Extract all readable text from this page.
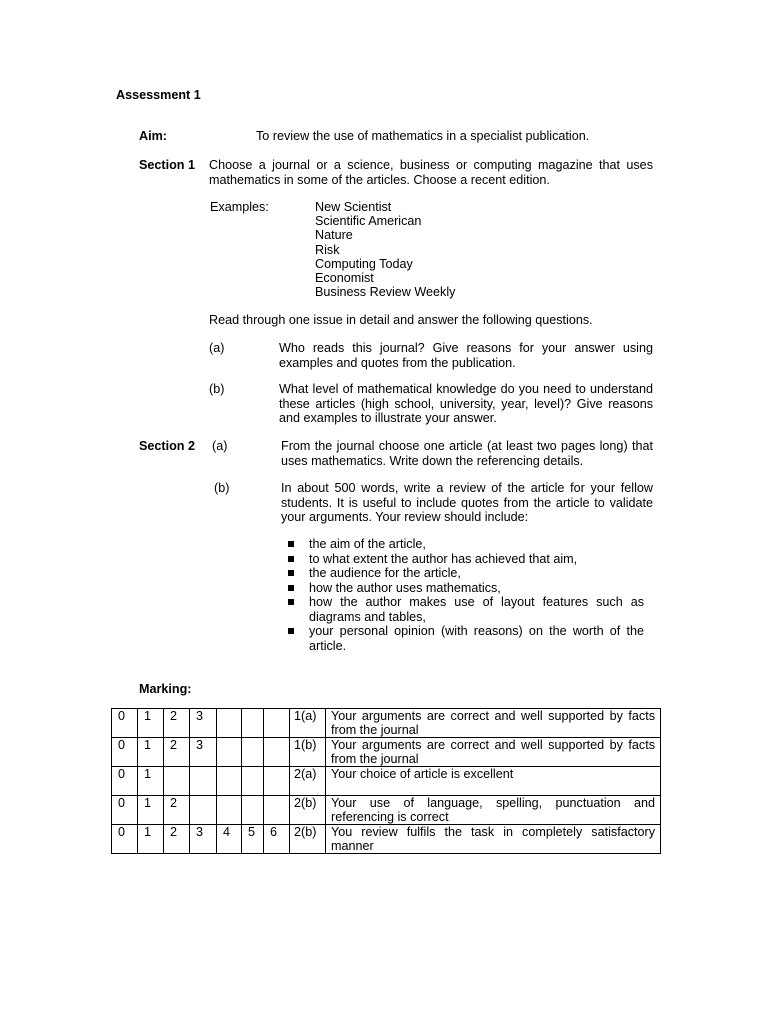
Assessment 1
Aim:	To review the use of mathematics in a specialist publication.
Section 1 Choose a journal or a science, business or computing magazine that uses mathematics in some of the articles. Choose a recent edition.
Examples:	New Scientist
Scientific American
Nature
Risk
Computing Today
Economist
Business Review Weekly
Read through one issue in detail and answer the following questions.
(a)	Who reads this journal? Give reasons for your answer using examples and quotes from the publication.
(b)	What level of mathematical knowledge do you need to understand these articles (high school, university, year, level)? Give reasons and examples to illustrate your answer.
Section 2 (a)	From the journal choose one article (at least two pages long) that uses mathematics. Write down the referencing details.
(b)	In about 500 words, write a review of the article for your fellow students. It is useful to include quotes from the article to validate your arguments. Your review should include:
the aim of the article,
to what extent the author has achieved that aim,
the audience for the article,
how the author uses mathematics,
how the author makes use of layout features such as diagrams and tables,
your personal opinion (with reasons) on the worth of the article.
Marking:
0	1	2	3				1(a)	Your arguments are correct and well supported by facts from the journal
0	1	2	3				1(b)	Your arguments are correct and well supported by facts from the journal
0	1						2(a)	Your choice of article is excellent
0	1	2					2(b)	Your use of language, spelling, punctuation and referencing is correct
0	1	2	3	4	5	6	2(b)	You review fulfils the task in completely satisfactory manner
